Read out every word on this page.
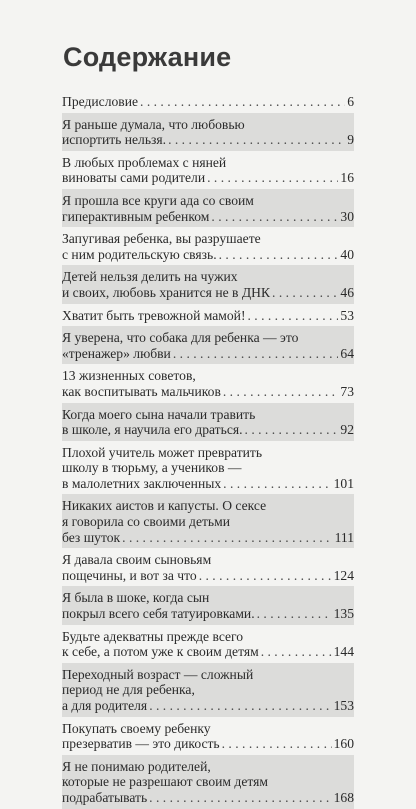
Содержание
Предисловие . . .	6
Я раньше думала, что любовью
испортить нельзя. . . .	9
В любых проблемах с няней
виноваты сами родители . . .	16
Я прошла все круги ада со своим
гиперактивным ребенком . . .	30
Запугивая ребенка, вы разрушаете
с ним родительскую связь. . . .	40
Детей нельзя делить на чужих
и своих, любовь хранится не в ДНК . . .	46
Хватит быть тревожной мамой! . . .	53
Я уверена, что собака для ребенка — это
«тренажер» любви . . .	64
13 жизненных советов,
как воспитывать мальчиков . . .	73
Когда моего сына начали травить
в школе, я научила его драться. . . .	92
Плохой учитель может превратить
школу в тюрьму, а учеников —
в малолетних заключенных . . .	101
Никаких аистов и капусты. О сексе
я говорила со своими детьми
без шуток . . .	111
Я давала своим сыновьям
пощечины, и вот за что . . .	124
Я была в шоке, когда сын
покрыл всего себя татуировками. . . .	135
Будьте адекватны прежде всего
к себе, а потом уже к своим детям . . .	144
Переходный возраст — сложный
период не для ребенка,
а для родителя . . .	153
Покупать своему ребенку
презерватив — это дикость . . .	160
Я не понимаю родителей,
которые не разрешают своим детям
подрабатывать . . .	168
